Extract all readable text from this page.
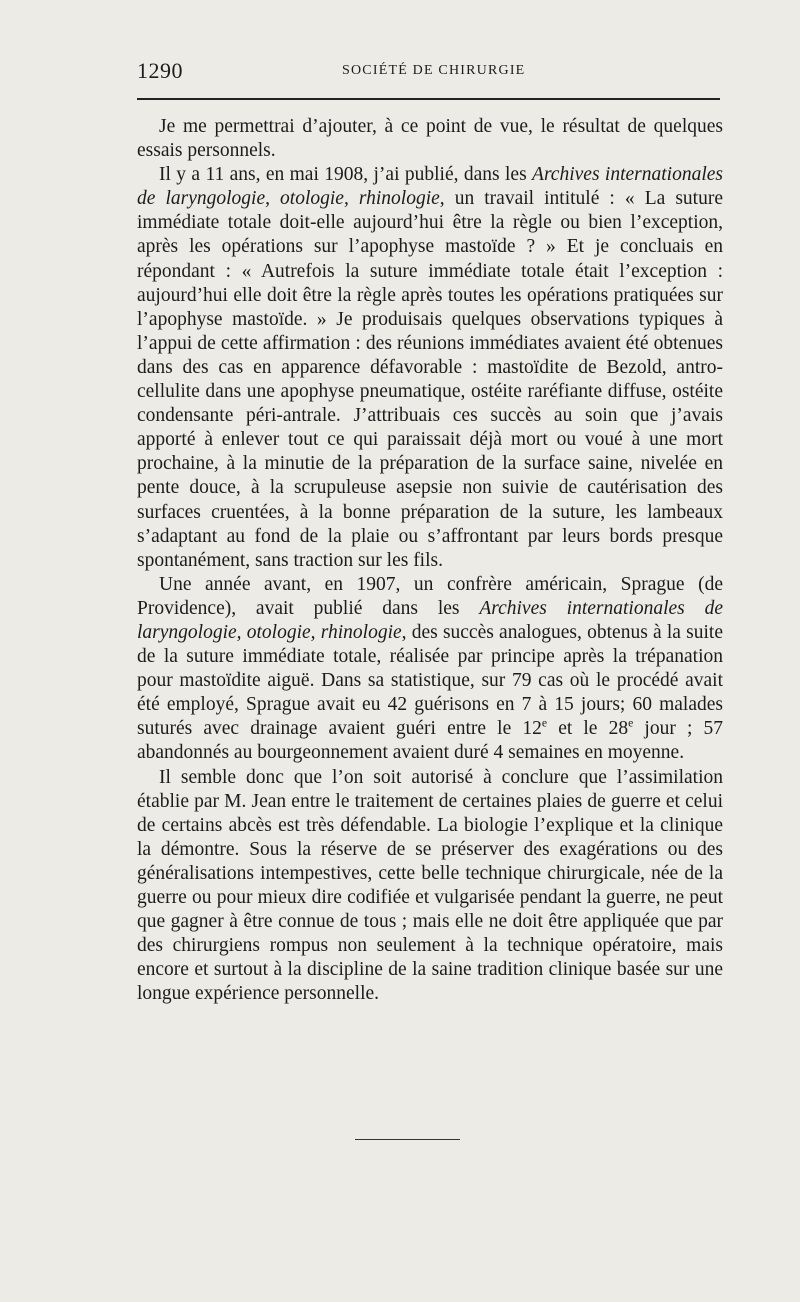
1290	SOCIÉTÉ DE CHIRURGIE

Je me permettrai d’ajouter, à ce point de vue, le résultat de quelques essais personnels.

Il y a 11 ans, en mai 1908, j’ai publié, dans les Archives internationales de laryngologie, otologie, rhinologie, un travail intitulé : « La suture immédiate totale doit-elle aujourd’hui être la règle ou bien l’exception, après les opérations sur l’apophyse mastoïde ? » Et je concluais en répondant : « Autrefois la suture immédiate totale était l’exception : aujourd’hui elle doit être la règle après toutes les opérations pratiquées sur l’apophyse mastoïde. » Je produisais quelques observations typiques à l’appui de cette affirmation : des réunions immédiates avaient été obtenues dans des cas en apparence défavorable : mastoïdite de Bezold, antro-cellulite dans une apophyse pneumatique, ostéite raréfiante diffuse, ostéite condensante péri-antrale. J’attribuais ces succès au soin que j’avais apporté à enlever tout ce qui paraissait déjà mort ou voué à une mort prochaine, à la minutie de la préparation de la surface saine, nivelée en pente douce, à la scrupuleuse asepsie non suivie de cautérisation des surfaces cruentées, à la bonne préparation de la suture, les lambeaux s’adaptant au fond de la plaie ou s’affrontant par leurs bords presque spontanément, sans traction sur les fils.

Une année avant, en 1907, un confrère américain, Sprague (de Providence), avait publié dans les Archives internationales de laryngologie, otologie, rhinologie, des succès analogues, obtenus à la suite de la suture immédiate totale, réalisée par principe après la trépanation pour mastoïdite aiguë. Dans sa statistique, sur 79 cas où le procédé avait été employé, Sprague avait eu 42 guérisons en 7 à 15 jours; 60 malades suturés avec drainage avaient guéri entre le 12e et le 28e jour ; 57 abandonnés au bourgeonnement avaient duré 4 semaines en moyenne.

Il semble donc que l’on soit autorisé à conclure que l’assimilation établie par M. Jean entre le traitement de certaines plaies de guerre et celui de certains abcès est très défendable. La biologie l’explique et la clinique la démontre. Sous la réserve de se préserver des exagérations ou des généralisations intempestives, cette belle technique chirurgicale, née de la guerre ou pour mieux dire codifiée et vulgarisée pendant la guerre, ne peut que gagner à être connue de tous ; mais elle ne doit être appliquée que par des chirurgiens rompus non seulement à la technique opératoire, mais encore et surtout à la discipline de la saine tradition clinique basée sur une longue expérience personnelle.
